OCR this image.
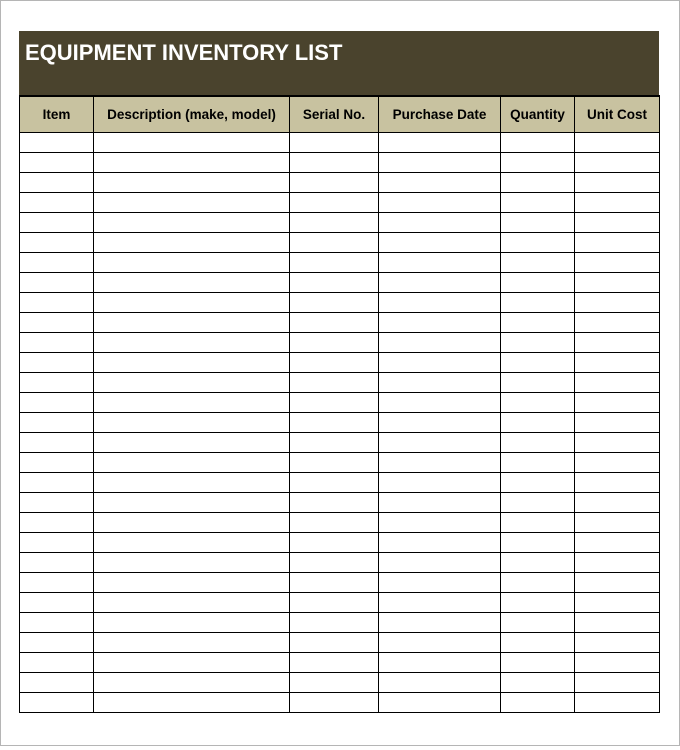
EQUIPMENT INVENTORY LIST
Item	Description (make, model)	Serial No.	Purchase Date	Quantity	Unit Cost
